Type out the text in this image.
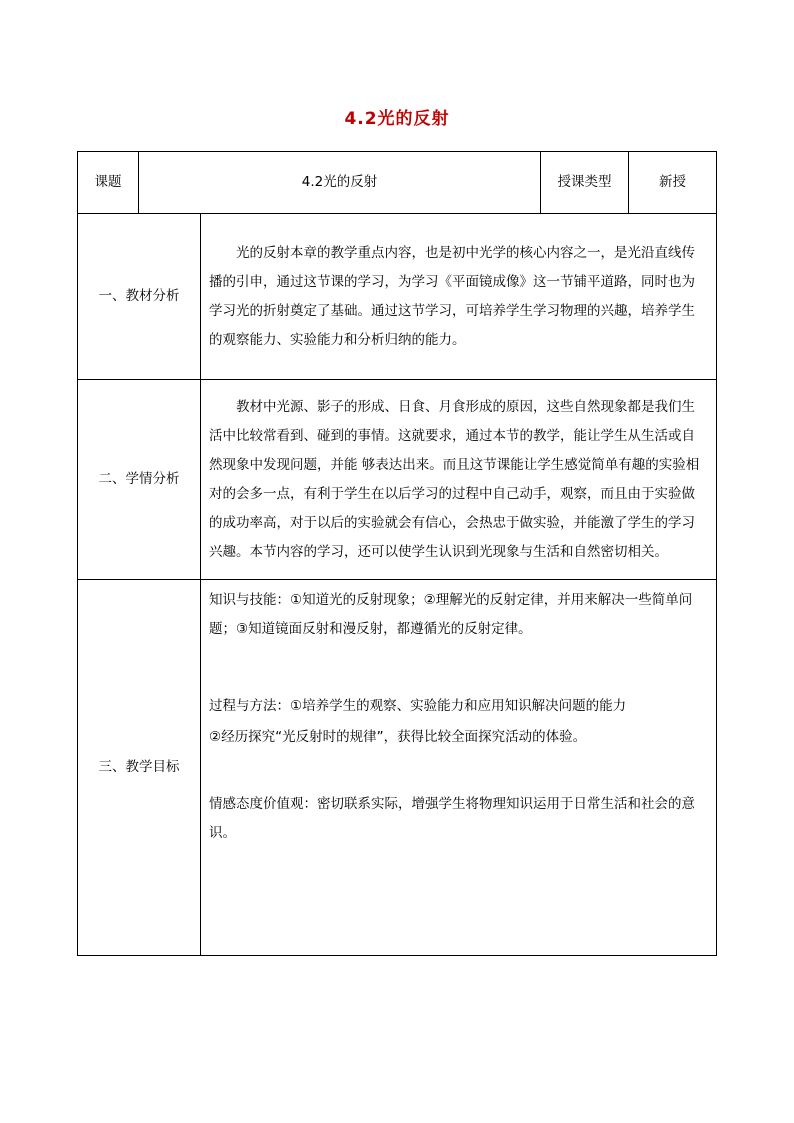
4.2光的反射
课题	4.2光的反射		授课类型	新授
一、教材分析		光的反射本章的教学重点内容，也是初中光学的核心内容之一，是光沿直线传播的引申，通过这节课的学习，为学习《平面镜成像》这一节铺平道路，同时也为学习光的折射奠定了基础。通过这节学习，可培养学生学习物理的兴趣，培养学生的观察能力、实验能力和分析归纳的能力。		

二、学情分析		教材中光源、影子的形成、日食、月食形成的原因，这些自然现象都是我们生活中比较常看到、碰到的事情。这就要求，通过本节的教学，能让学生从生活或自然现象中发现问题，并能 够表达出来。而且这节课能让学生感觉简单有趣的实验相对的会多一点，有利于学生在以后学习的过程中自己动手，观察，而且由于实验做的成功率高，对于以后的实验就会有信心，会热忠于做实验，并能激了学生的学习兴趣。本节内容的学习，还可以使学生认识到光现象与生活和自然密切相关。		

三、教学目标		知识与技能：①知道光的反射现象；②理解光的反射定律，并用来解决一些简单问题；③知道镜面反射和漫反射，都遵循光的反射定律。

过程与方法：①培养学生的观察、实验能力和应用知识解决问题的能力

②经历探究“光反射时的规律”，获得比较全面探究活动的体验。

情感态度价值观：密切联系实际，增强学生将物理知识运用于日常生活和社会的意识。		
